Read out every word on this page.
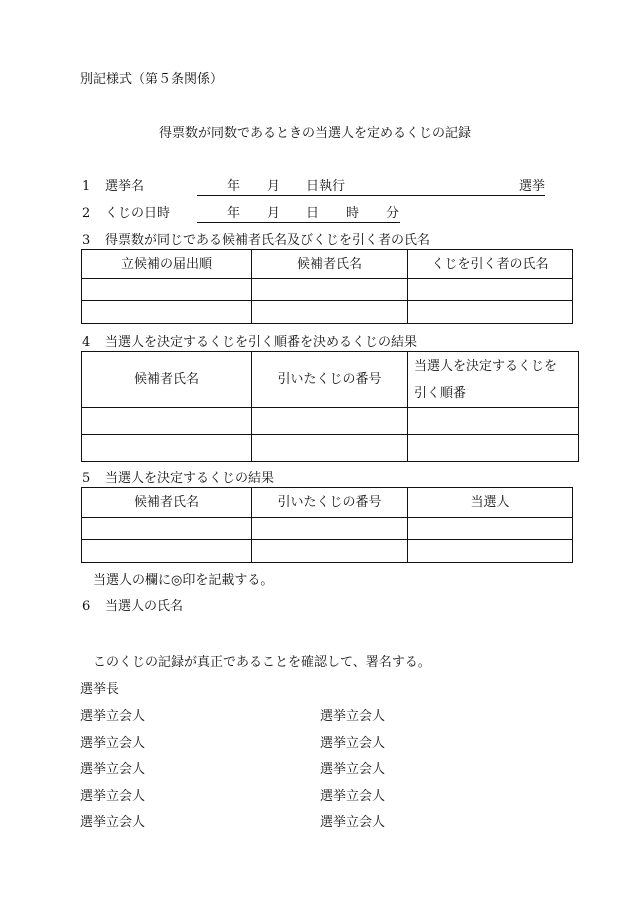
別記様式（第５条関係）
得票数が同数であるときの当選人を定めるくじの記録
1 選挙名	年 月 日執行	選挙
2 くじの日時	年 月 日 時 分
3 得票数が同じである候補者氏名及びくじを引く者の氏名
立候補の届出順	候補者氏名	くじを引く者の氏名

4 当選人を決定するくじを引く順番を決めるくじの結果
候補者氏名	引いたくじの番号	当選人を決定するくじを
引く順番

5 当選人を決定するくじの結果
候補者氏名	引いたくじの番号	当選人

当選人の欄に◎印を記載する。
6 当選人の氏名
このくじの記録が真正であることを確認して、署名する。
選挙長
選挙立会人	選挙立会人
選挙立会人	選挙立会人
選挙立会人	選挙立会人
選挙立会人	選挙立会人
選挙立会人	選挙立会人
